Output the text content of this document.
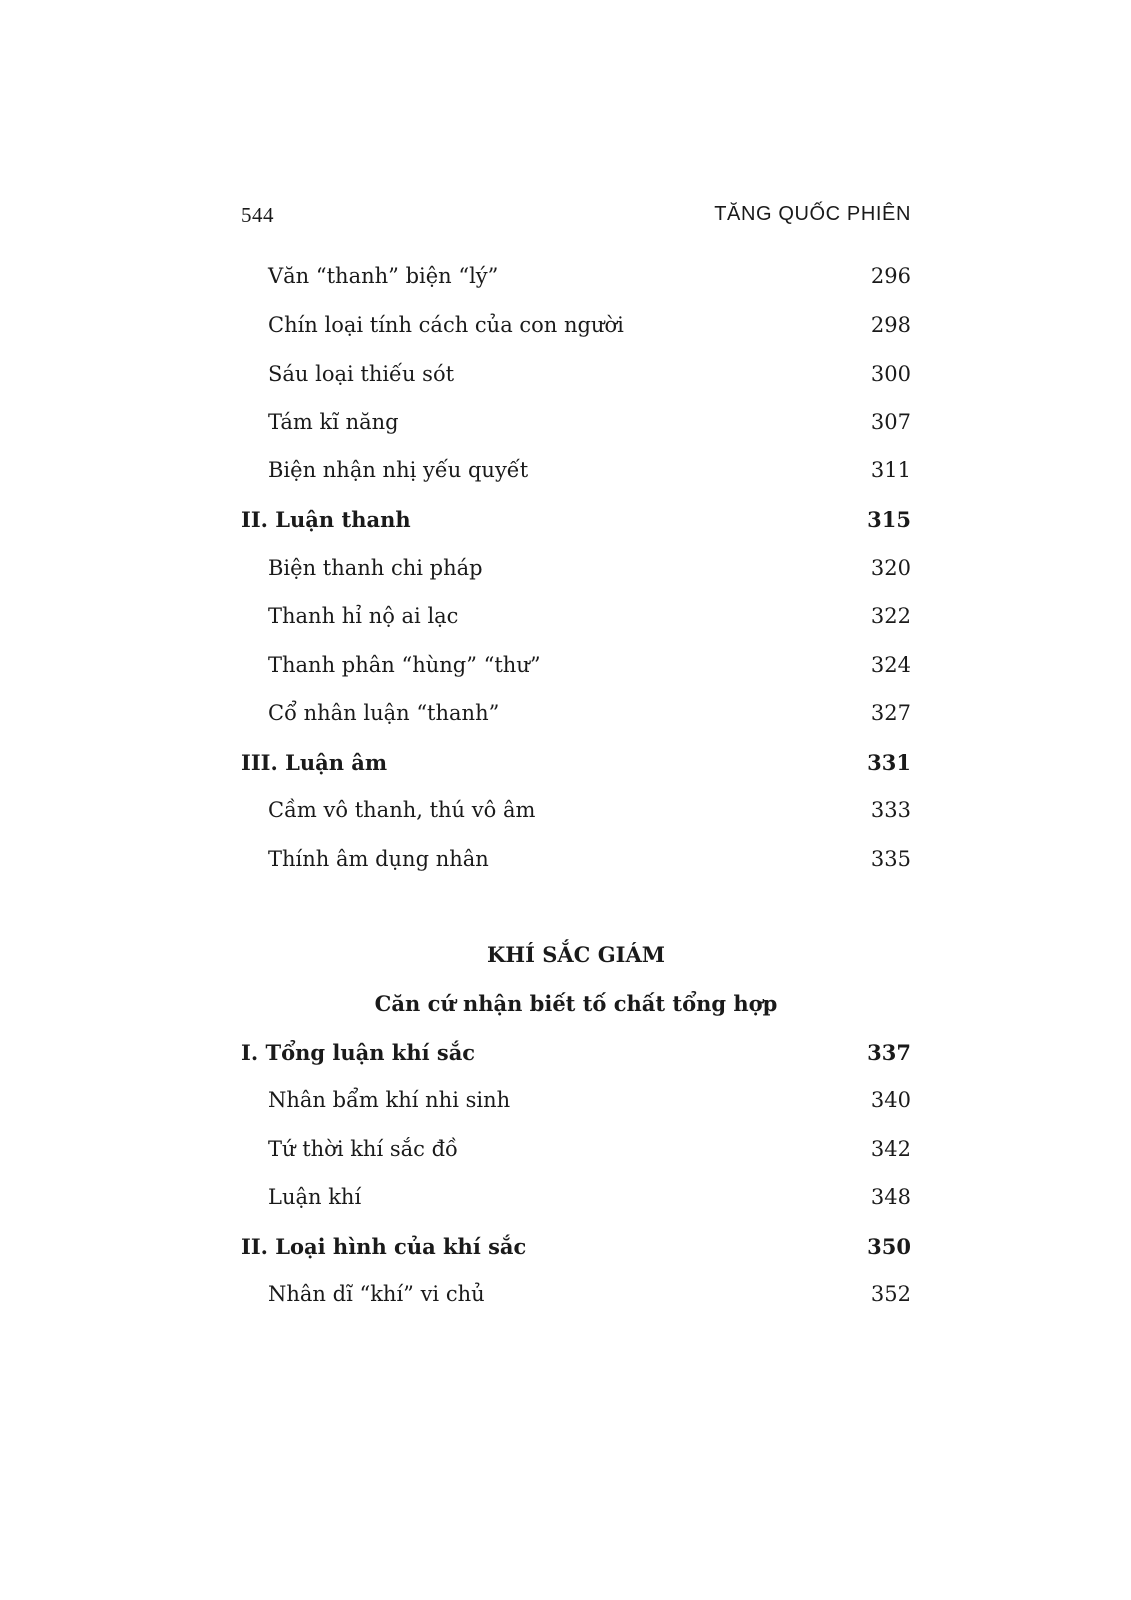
544	TĂNG QUỐC PHIÊN
Văn “thanh” biện “lý”	296
Chín loại tính cách của con người	298
Sáu loại thiếu sót	300
Tám kĩ năng	307
Biện nhận nhị yếu quyết	311
II. Luận thanh	315
Biện thanh chi pháp	320
Thanh hỉ nộ ai lạc	322
Thanh phân “hùng” “thư”	324
Cổ nhân luận “thanh”	327
III. Luận âm	331
Cầm vô thanh, thú vô âm	333
Thính âm dụng nhân	335
KHÍ SẮC GIÁM
Căn cứ nhận biết tố chất tổng hợp
I. Tổng luận khí sắc	337
Nhân bẩm khí nhi sinh	340
Tứ thời khí sắc đồ	342
Luận khí	348
II. Loại hình của khí sắc	350
Nhân dĩ “khí” vi chủ	352
